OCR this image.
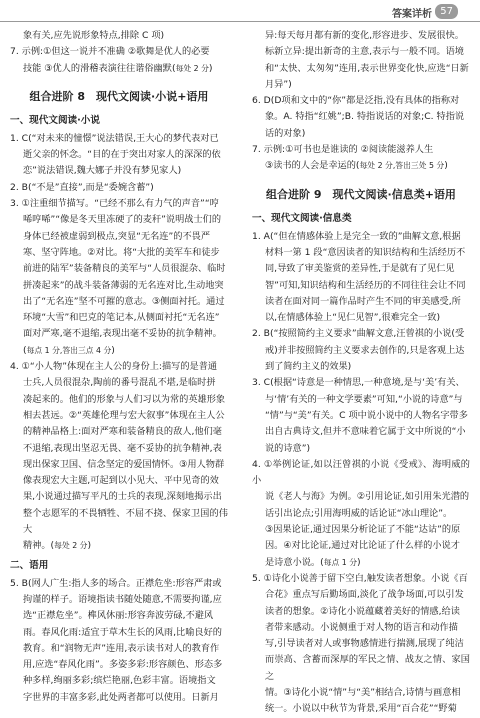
答案详析 57

象有关,应先说形象特点,排除 C 项)

7. 示例:①但这一说并不准确 ②歌舞是优人的必要

技能 ③优人的滑稽表演往往谐俗幽默(每处 2 分)

组合进阶 8　现代文阅读·小说+语用
一、现代文阅读·小说

1. C(“对未来的憧憬”说法错误,王大心的梦代表对已

逝父亲的怀念。“目的在于突出对家人的深深的依

恋”说法错误,魏大娜子并没有梦见家人)

2. B(“不是”直接”,而是“委婉含蓄”)

3. ①注重细节描写。“已经不那么有力气的声音”“哼

唏哼唏”“像是冬天里冻硬了的麦秆”说明战士们的

身体已经被虚弱到极点,突显“无名连”的不畏严

寒、坚守阵地。②对比。将“大批的美军车和徒步

前进的陆军”装备精良的美军与“人员很混杂、临时

拼凑起来”的战斗装备薄弱的无名连对比,生动地突

出了“无名连”坚不可摧的意志。③侧面衬托。通过

环境“大雪”和巴克的笔记本,从侧面衬托“无名连”

面对严寒,毫不退缩,表现出毫不妥协的抗争精神。

(每点 1 分,答出三点 4 分)

4. ①“小人物”体现在主人公的身份上:描写的是普通

士兵,人员很混杂,陶前的番号混乱不堪,是临时拼

凑起来的。他们的形象与人们习以为常的英雄形象

相去甚远。②“英雄伦理与宏大叙事”体现在主人公

的精神品格上:面对严寒和装备精良的敌人,他们毫

不退缩,表现出坚忍无畏、毫不妥协的抗争精神,表

现出保家卫国、信念坚定的爱国情怀。③用人物群

像表现宏大主题,可起到以小见大、平中见奇的效

果,小说通过描写平凡的士兵的表现,深刻地揭示出

整个志愿军的不畏牺牲、不屈不挠、保家卫国的伟大

精神。(每处 2 分)

二、语用

5. B(网人广生:指人多的场合。正襟危坐:形容严肃或

拘谨的样子。语境指读书随处随意,不需要拘谨,应

选“正襟危坐”。榫风休丽:形容奔波劳碌,不避风

雨。春风化雨:适宜于草木生长的风雨,比喻良好的

教育。和“润物无声”连用,表示读书对人的教育作

用,应选“春风化雨”。多姿多彩:形容颜色、形态多

种多样,绚丽多彩;缤烂艳丽,色彩丰富。语境指文

字世界的丰富多彩,此处两者都可以使用。日新月

异:每天每月都有新的变化,形容进步、发展很快。

标新立异:提出新奇的主意,表示与一般不同。语境

和“太快、太匆匆”连用,表示世界变化快,应选“日新

月异”)

6. D(D项和文中的“你”都是泛指,没有具体的指称对

象。A. 特指“红姚”;B. 特指说话的对象;C. 特指说

话的对象)

7. 示例:①可书也是谁读的 ②阅读能滋养人生

③读书的人会是幸运的(每处 2 分,答出三处 5 分)

组合进阶 9　现代文阅读·信息类+语用
一、现代文阅读·信息类

1. A(“但在情感体验上是完全一致的”曲解文意,根据

材料一第 1 段“意因读者的知识结构和生活经历不

同,导致了审美鉴赏的差异性,于是就有了见仁见

智”可知,知识结构和生活经历的不同往往会让不同

读者在面对同一篇作品时产生不同的审美感受,所

以,在情感体验上“见仁见智”,很难完全一致)

2. B(“按照简约主义要求”曲解文意,汪曾祺的小说(受

戒)并非按照简约主义要求去创作的,只是客观上达

到了简约主义的效果)

3. C(根据“诗意是一种情思,一种意境,是与‘美’有关、

与‘情’有关的一种文学要素”可知,“小说的诗意”与

“情”与“美”有关。C 项中说小说中的人物名字带多

出自古典诗文,但并不意味着它属于文中所说的“小

说的诗意”)

4. ①举例论证,如以汪曾祺的小说《受戒》、海明威的小

说《老人与海》为例。②引用论证,如引用朱光潜的

话引出论点;引用海明威的话论证“冰山理论”。

③因果论证,通过因果分析论证了不能“达诂”的原

因。④对比论证,通过对比论证了什么样的小说才

是诗意小说。(每点 1 分)

5. ①诗化小说善于留下空白,触发读者想象。小说《百

合花》重点写后勤场面,淡化了战争场面,可以引发

读者的想象。②诗化小说蕴藏着美好的情感,给读

者带来感动。小说侧重于对人物的语言和动作描

写,引导读者对人或事物感情进行揣测,展现了纯洁

而崇高、含蓄而深厚的军民之情、战友之情、家国之

情。③诗化小说“情”与“美”相结合,诗情与画意相

统一。小说以中秋节为背景,采用“百合花”“野菊
